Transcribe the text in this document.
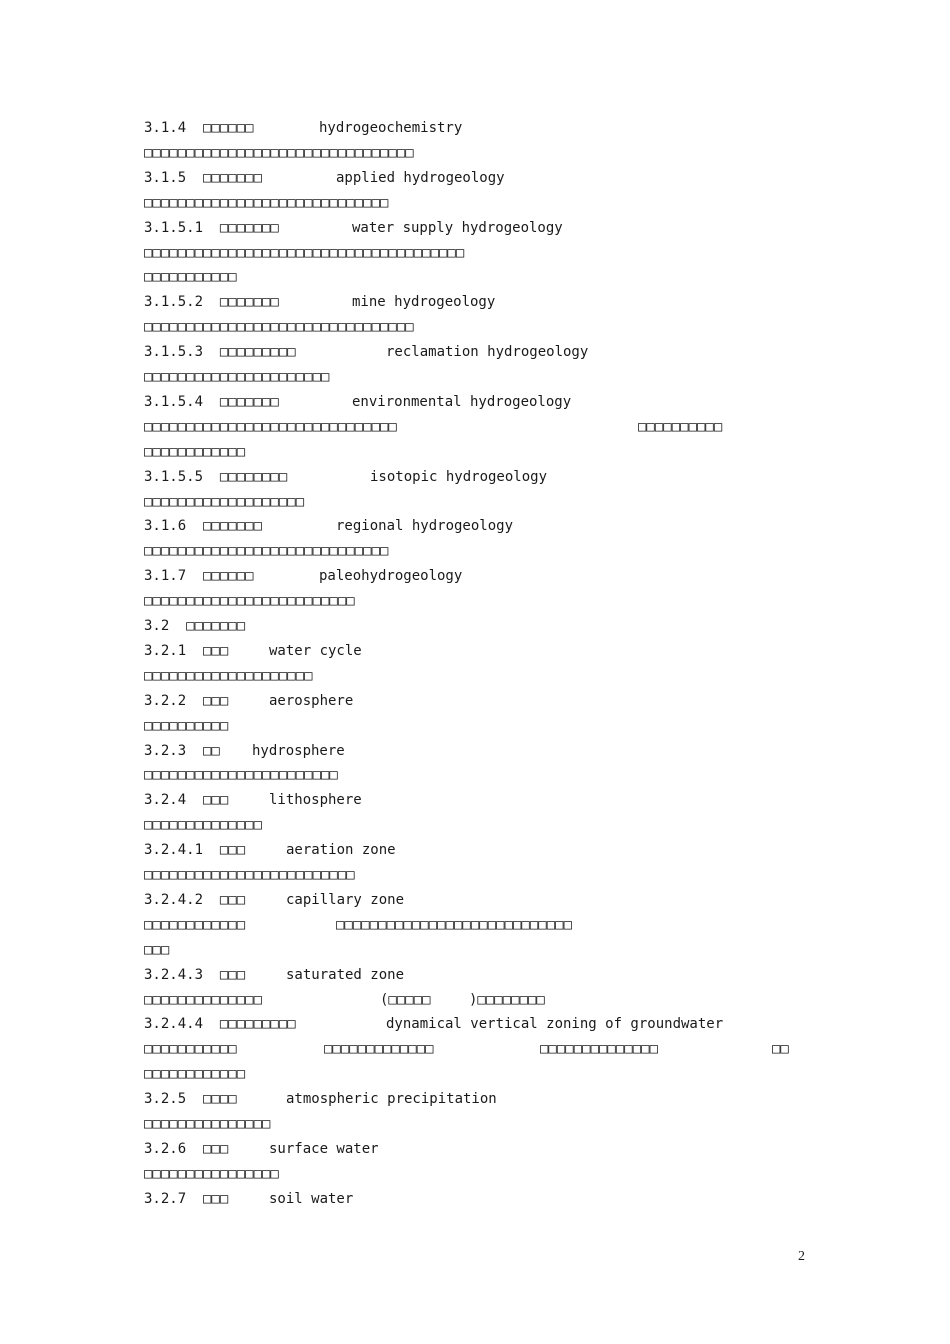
3.1.4  □□□□□□	hydrogeochemistry
□□□□□□□□□□□□□□□□□□□□□□□□□□□□□□□□
3.1.5  □□□□□□□	applied hydrogeology
□□□□□□□□□□□□□□□□□□□□□□□□□□□□□
3.1.5.1  □□□□□□□	water supply hydrogeology
□□□□□□□□□□□□□□□□□□□□□□□□□□□□□□□□□□□□□□
□□□□□□□□□□□
3.1.5.2  □□□□□□□	mine hydrogeology
□□□□□□□□□□□□□□□□□□□□□□□□□□□□□□□□
3.1.5.3  □□□□□□□□□	reclamation hydrogeology
□□□□□□□□□□□□□□□□□□□□□□
3.1.5.4  □□□□□□□	environmental hydrogeology
□□□□□□□□□□□□□□□□□□□□□□□□□□□□□□	□□□□□□□□□□
□□□□□□□□□□□□
3.1.5.5  □□□□□□□□	isotopic hydrogeology
□□□□□□□□□□□□□□□□□□□
3.1.6  □□□□□□□	regional hydrogeology
□□□□□□□□□□□□□□□□□□□□□□□□□□□□□
3.1.7  □□□□□□	paleohydrogeology
□□□□□□□□□□□□□□□□□□□□□□□□□
3.2  □□□□□□□
3.2.1  □□□	water cycle
□□□□□□□□□□□□□□□□□□□□
3.2.2  □□□	aerosphere
□□□□□□□□□□
3.2.3  □□ hydrosphere
□□□□□□□□□□□□□□□□□□□□□□□
3.2.4  □□□	lithosphere
□□□□□□□□□□□□□□
3.2.4.1  □□□	aeration zone
□□□□□□□□□□□□□□□□□□□□□□□□□
3.2.4.2  □□□	capillary zone
□□□□□□□□□□□□	□□□□□□□□□□□□□□□□□□□□□□□□□□□□
□□□
3.2.4.3  □□□	saturated zone
□□□□□□□□□□□□□□	(□□□□□	)□□□□□□□□
3.2.4.4  □□□□□□□□□	dynamical vertical zoning of groundwater
□□□□□□□□□□□	□□□□□□□□□□□□□	□□□□□□□□□□□□□□	□□
□□□□□□□□□□□□
3.2.5  □□□□	atmospheric precipitation
□□□□□□□□□□□□□□□
3.2.6  □□□	surface water
□□□□□□□□□□□□□□□□
3.2.7  □□□	soil water
2
